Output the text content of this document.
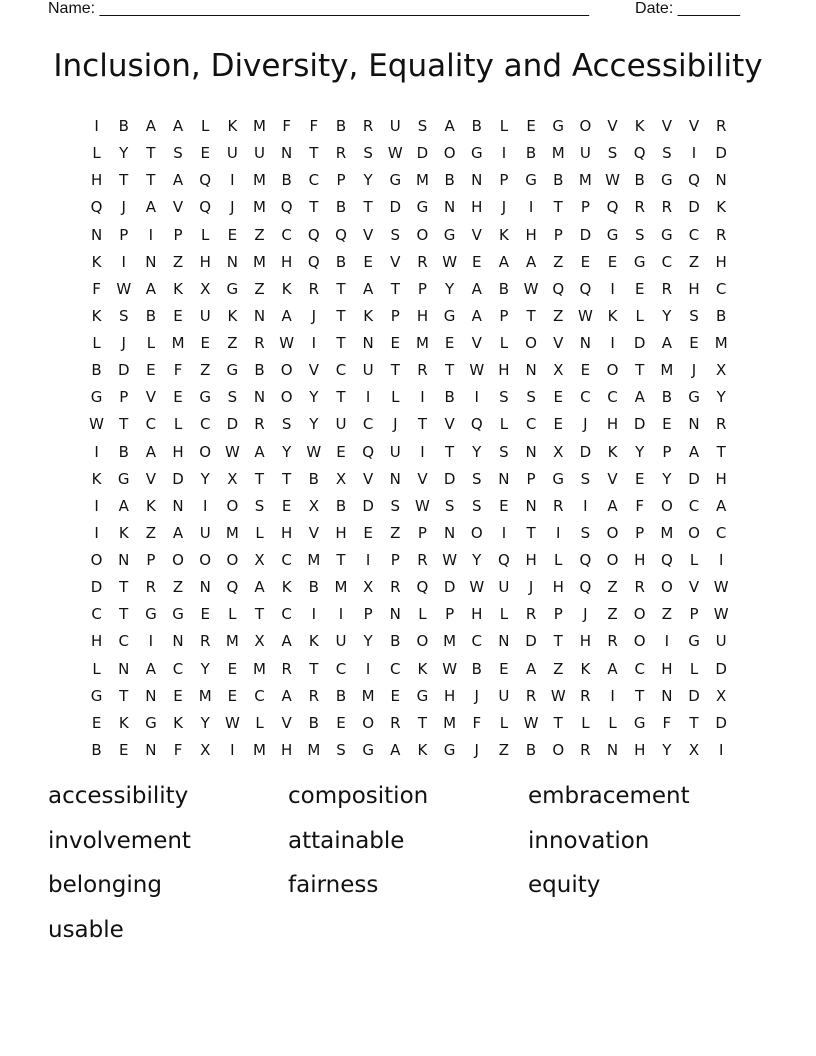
Name: _______________________________________________________	Date: _______
Inclusion, Diversity, Equality and Accessibility
I	B	A	A	L	K	M	F	F	B	R	U	S	A	B	L	E	G	O	V	K	V	V	R
L	Y	T	S	E	U	U	N	T	R	S W D	O	G	I	B	M	U	S	Q	S	I	D
H	T	T	A	Q	I	M	B	C	P	Y	G M	B	N	P	G	B	M W B	G	Q	N
Q	J	A	V	Q	J	M Q	T	B	T	D	G	N	H	J	I	T	P	Q	R	R	D	K
N	P	I	P	L	E	Z	C	Q	Q	V	S	O	G	V	K	H	P	D	G	S	G	C	R
K	I	N	Z	H	N	M	H	Q	B	E	V	R W E	A	A	Z	E	E	G	C	Z	H
F	W A	K	X	G	Z	K	R	T	A	T	P	Y	A	B W Q	Q	I	E	R	H	C
K	S	B	E	U	K	N	A	J	T	K	P	H	G	A	P	T	Z W K	L	Y	S	B
L	J	L	M	E	Z	R W	I	T	N	E	M	E	V	L	O	V	N	I	D	A	E	M
B	D	E	F	Z	G	B	O	V	C	U	T	R	T	W H	N	X	E	O	T	M	J	X
G	P	V	E	G	S	N	O	Y	T	I	L	I	B	I	S	S	E	C	C	A	B	G	Y
W	T	C	L	C	D	R	S	Y	U	C	J	T	V	Q	L	C	E	J	H	D	E	N	R
I	B	A	H	O W A	Y	W E	Q	U	I	T	Y	S	N	X	D	K	Y	P	A	T
K	G	V	D	Y	X	T	T	B	X	V	N	V	D	S	N	P	G	S	V	E	Y	D	H
I	A	K	N	I	O	S	E	X	B	D	S W S	S	E	N	R	I	A	F	O	C	A
I	K	Z	A	U	M	L	H	V	H	E	Z	P	N	O	I	T	I	S	O	P	M O	C
O	N	P	O	O	O	X	C	M	T	I	P	R W	Y	Q	H	L	Q	O	H	Q	L	I
D	T	R	Z	N	Q	A	K	B	M	X	R	Q	D W U	J	H	Q	Z	R	O	V W
C	T	G	G	E	L	T	C	I	I	P	N	L	P	H	L	R	P	J	Z	O	Z	P	W
H	C	I	N	R	M	X	A	K	U	Y	B	O M	C	N	D	T	H	R	O	I	G	U
L	N	A	C	Y	E	M	R	T	C	I	C	K W B	E	A	Z	K	A	C	H	L	D
G	T	N	E	M	E	C	A	R	B	M	E	G	H	J	U	R W R	I	T	N	D	X
E	K	G	K	Y	W	L	V	B	E	O	R	T	M	F	L	W	T	L	L	G	F	T	D
B	E	N	F	X	I	M	H	M	S	G	A	K	G	J	Z	B	O	R	N	H	Y	X	I
accessibility	composition	embracement
involvement	attainable	innovation
belonging	fairness	equity
usable
